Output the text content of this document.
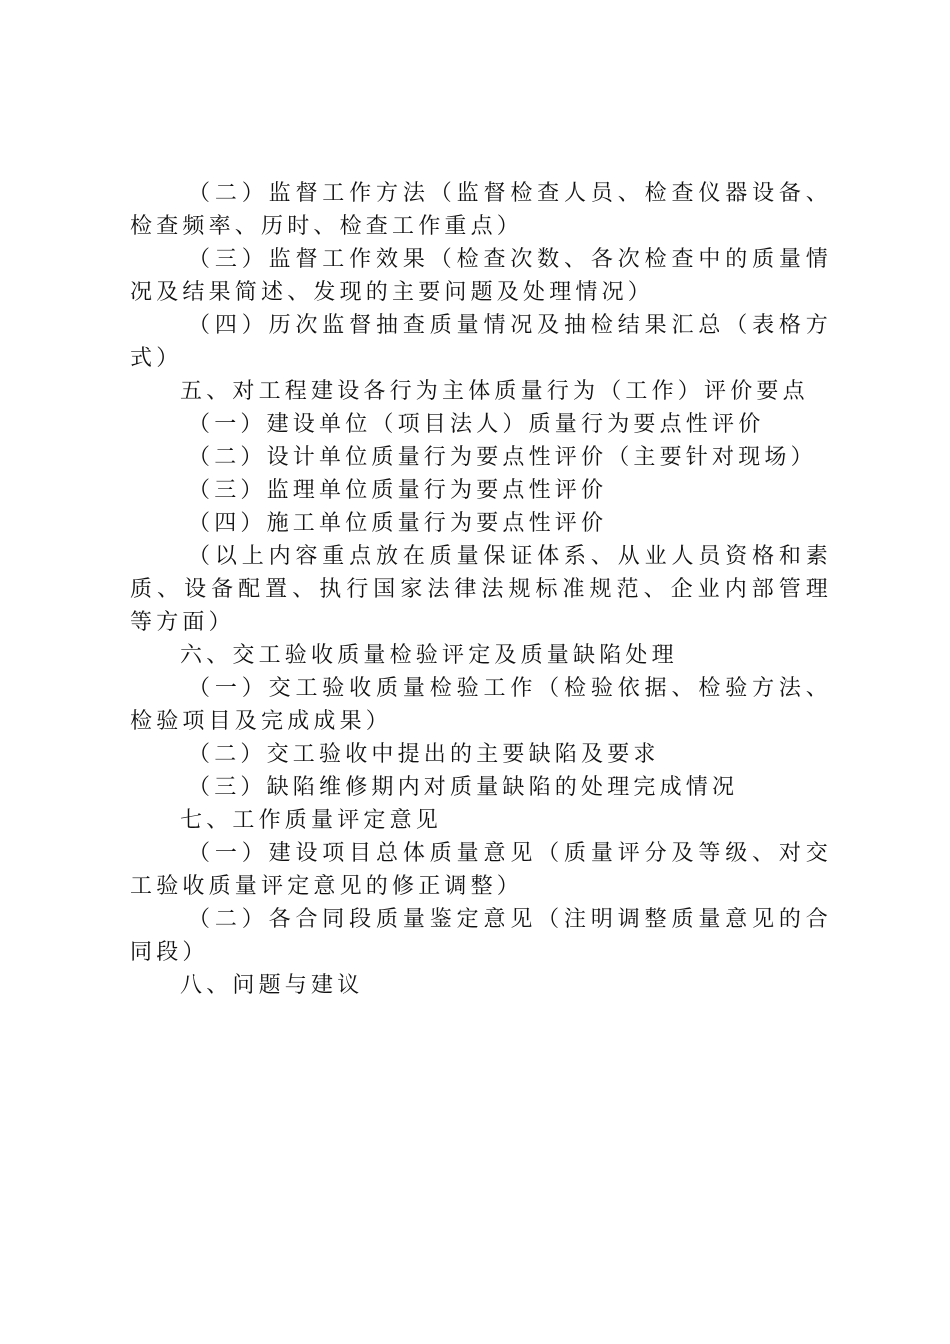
（二）监督工作方法（监督检查人员、检查仪器设备、检查频率、历时、检查工作重点）

（三）监督工作效果（检查次数、各次检查中的质量情况及结果简述、发现的主要问题及处理情况）

（四）历次监督抽查质量情况及抽检结果汇总（表格方式）

五、对工程建设各行为主体质量行为（工作）评价要点

（一）建设单位（项目法人）质量行为要点性评价

（二）设计单位质量行为要点性评价（主要针对现场）

（三）监理单位质量行为要点性评价

（四）施工单位质量行为要点性评价

（以上内容重点放在质量保证体系、从业人员资格和素质、设备配置、执行国家法律法规标准规范、企业内部管理等方面）

六、交工验收质量检验评定及质量缺陷处理

（一）交工验收质量检验工作（检验依据、检验方法、检验项目及完成成果）

（二）交工验收中提出的主要缺陷及要求

（三）缺陷维修期内对质量缺陷的处理完成情况

七、工作质量评定意见

（一）建设项目总体质量意见（质量评分及等级、对交工验收质量评定意见的修正调整）

（二）各合同段质量鉴定意见（注明调整质量意见的合同段）

八、问题与建议
